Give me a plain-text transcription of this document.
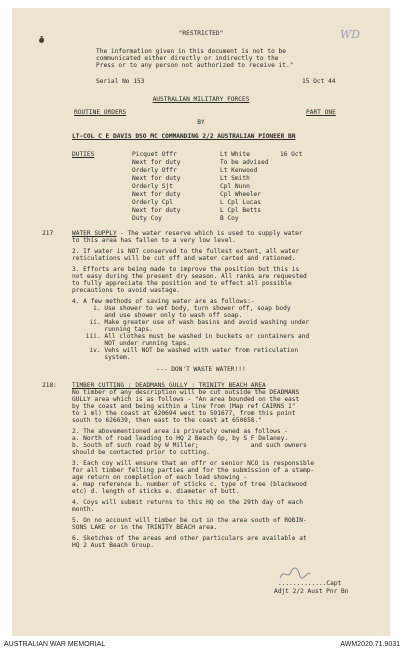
5	WD
"RESTRICTED"
The information given in this document is not to be
communicated either directly or indirectly to the
Press or to any person not authorized to receive it."
Serial No 153	15 Oct 44
AUSTRALIAN MILITARY FORCES
ROUTINE ORDERS	PART ONE
BY
LT-COL C E DAVIS DSO MC COMMANDING 2/2 AUSTRALIAN PIONEER BN
DUTIES	Picquet Offr	Lt White	16 Oct
Next for duty	To be advised
Orderly Offr	Lt Kenwood
Next for duty	Lt Smith
Orderly Sjt	Cpl Nunn
Next for duty	Cpl Wheeler
Orderly Cpl	L Cpl Lucas
Next for duty	L Cpl Betts
Duty Coy	B Coy
217	WATER SUPPLY - The water reserve which is used to supply water
to this area has fallen to a very low level.
2. If water is NOT conserved to the fullest extent, all water
reticulations will be cut off and water carted and rationed.
3. Efforts are being made to improve the position but this is
not easy during the present dry season. All ranks are requested
to fully appreciate the position and to effect all possible
precautions to avoid wastage.
4. A few methods of saving water are as follows:-
i. Use shower to wet body, turn shower off, soap body
and use shower only to wash off soap.
ii. Make greater use of wash basins and avoid washing under
running taps.
iii. All clothes must be washed in buckets or containers and
NOT under running taps.
iv. Vehs will NOT be washed with water from reticulation
system.
--- DON'T WASTE WATER!!!
218: TIMBER CUTTING : DEADMANS GULLY : TRINITY BEACH AREA
No timber of any description will be cut outside the DEADMANS
GULLY area which is as follows - "An area bounded on the east
by the coast and being within a line from (Map ref CAIRNS 1"
to 1 ml) the coast at 620694 west to 591677, from this point
south to 626639, then east to the coast at 650658."
2. The abovementioned area is privately owned as follows -
a. North of road leading to HQ 2 Beach Gp, by S F Delaney.
b. South of such road by W Miller;              and such owners
should be contacted prior to cutting.
3. Each coy will ensure that an offr or senior NCO is responsible
for all timber felling parties and for the submission of a stamp-
age return on completion of each load showing -
a. map reference b. number of sticks c. type of tree (blackwood
etc) d. length of sticks e. diameter of butt.
4. Coys will submit returns to this HQ on the 29th day of each
month.
5. On no account will timber be cut in the area south of ROBIN-
SONS LAKE or in the TRINITY BEACH area.
6. Sketches of the areas and other particulars are available at
HQ 2 Aust Beach Group.
.............Capt
Adjt 2/2 Aust Pnr Bn
AUSTRALIAN WAR MEMORIAL	AWM2020.71.9031
